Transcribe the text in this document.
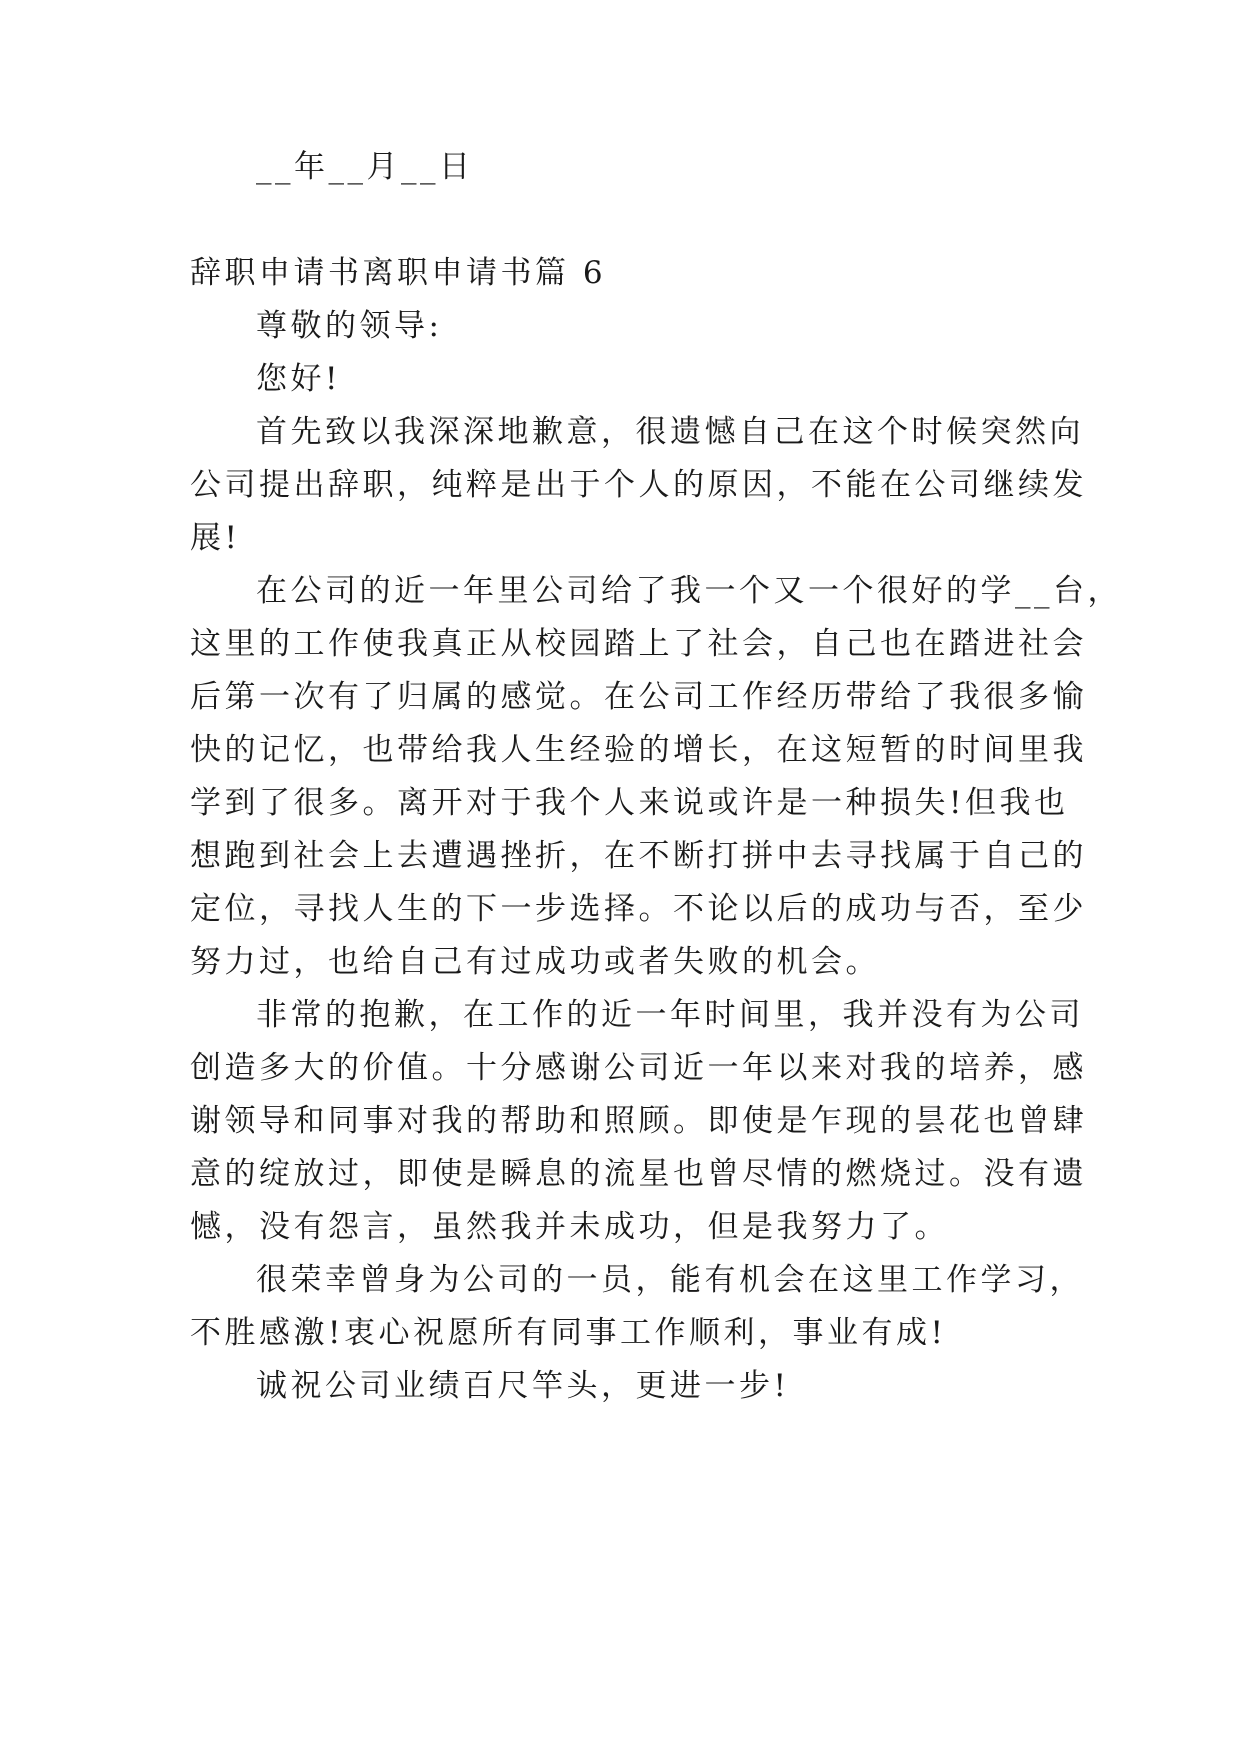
__年__月__日
辞职申请书离职申请书篇 6
尊敬的领导:
您好!
首先致以我深深地歉意，很遗憾自己在这个时候突然向
公司提出辞职，纯粹是出于个人的原因，不能在公司继续发
展!
在公司的近一年里公司给了我一个又一个很好的学__台，
这里的工作使我真正从校园踏上了社会，自己也在踏进社会
后第一次有了归属的感觉。在公司工作经历带给了我很多愉
快的记忆，也带给我人生经验的增长，在这短暂的时间里我
学到了很多。离开对于我个人来说或许是一种损失!但我也
想跑到社会上去遭遇挫折，在不断打拼中去寻找属于自己的
定位，寻找人生的下一步选择。不论以后的成功与否，至少
努力过，也给自己有过成功或者失败的机会。
非常的抱歉，在工作的近一年时间里，我并没有为公司
创造多大的价值。十分感谢公司近一年以来对我的培养，感
谢领导和同事对我的帮助和照顾。即使是乍现的昙花也曾肆
意的绽放过，即使是瞬息的流星也曾尽情的燃烧过。没有遗
憾，没有怨言，虽然我并未成功，但是我努力了。
很荣幸曾身为公司的一员，能有机会在这里工作学习，
不胜感激!衷心祝愿所有同事工作顺利，事业有成!
诚祝公司业绩百尺竿头，更进一步!
